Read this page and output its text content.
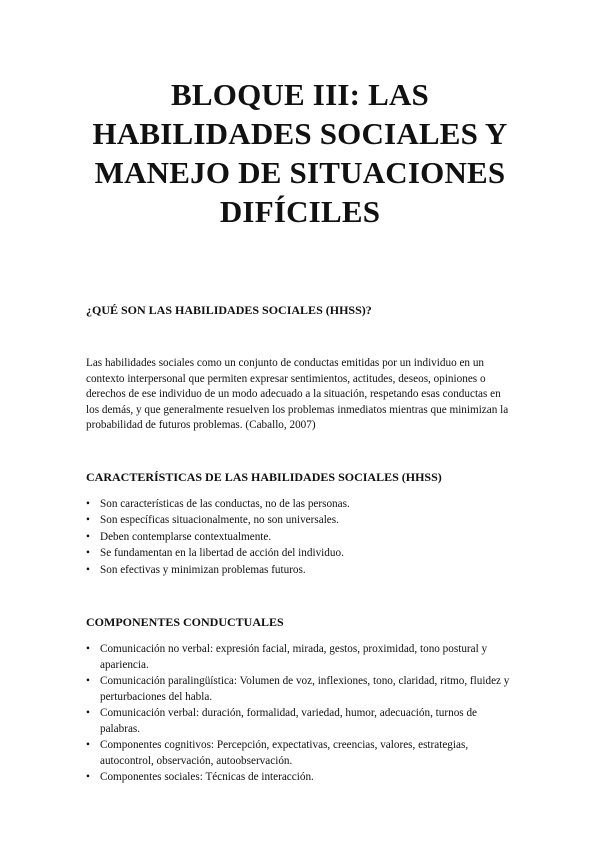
BLOQUE III: LAS
HABILIDADES SOCIALES Y
MANEJO DE SITUACIONES
DIFÍCILES
¿QUÉ SON LAS HABILIDADES SOCIALES (HHSS)?

Las habilidades sociales como un conjunto de conductas emitidas por un individuo en un contexto interpersonal que permiten expresar sentimientos, actitudes, deseos, opiniones o derechos de ese individuo de un modo adecuado a la situación, respetando esas conductas en los demás, y que generalmente resuelven los problemas inmediatos mientras que minimizan la probabilidad de futuros problemas. (Caballo, 2007)

CARACTERÍSTICAS DE LAS HABILIDADES SOCIALES (HHSS)
• Son características de las conductas, no de las personas.
• Son específicas situacionalmente, no son universales.
• Deben contemplarse contextualmente.
• Se fundamentan en la libertad de acción del individuo.
• Son efectivas y minimizan problemas futuros.
COMPONENTES CONDUCTUALES
• Comunicación no verbal: expresión facial, mirada, gestos, proximidad, tono postural y apariencia.
• Comunicación paralingüística: Volumen de voz, inflexiones, tono, claridad, ritmo, fluidez y perturbaciones del habla.
• Comunicación verbal: duración, formalidad, variedad, humor, adecuación, turnos de palabras.
• Componentes cognitivos: Percepción, expectativas, creencias, valores, estrategias, autocontrol, observación, autoobservación.
• Componentes sociales: Técnicas de interacción.
